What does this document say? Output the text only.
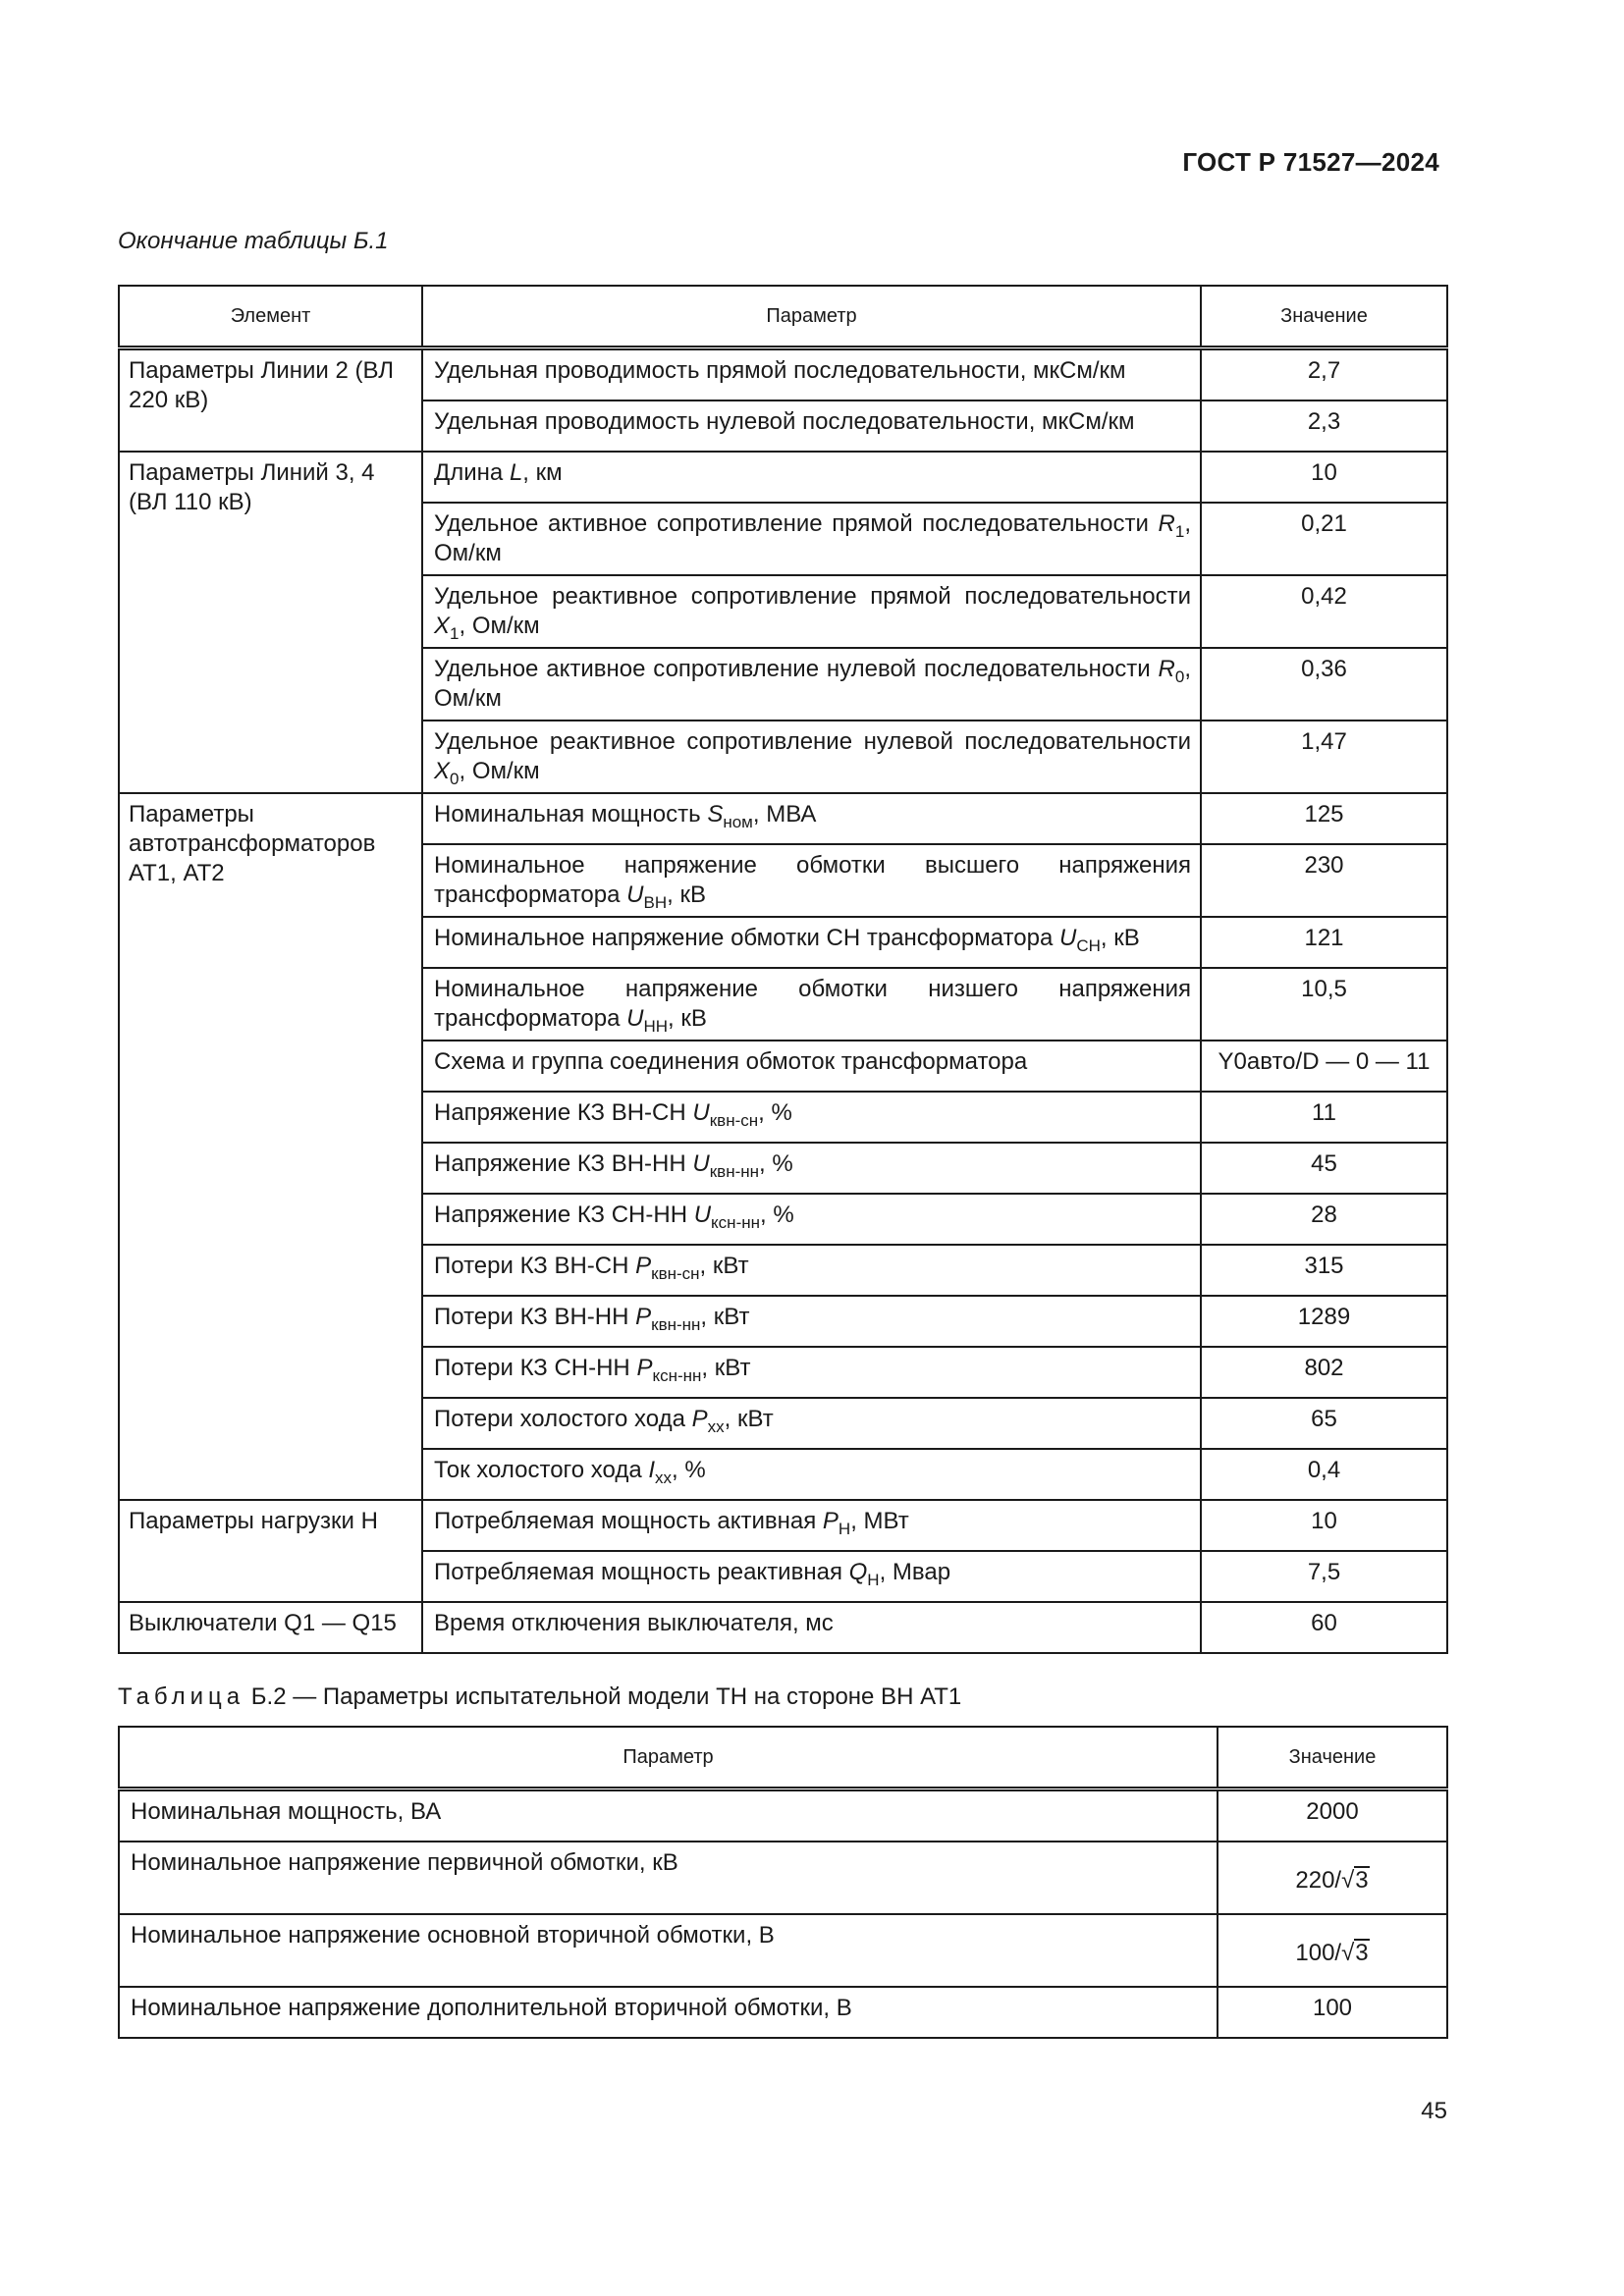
ГОСТ Р 71527—2024
Окончание таблицы Б.1
Элемент	Параметр	Значение
Параметры Линии 2 (ВЛ 220 кВ)	Удельная проводимость прямой последовательности, мкСм/км	2,7
	Удельная проводимость нулевой последовательности, мкСм/км	2,3
Параметры Линий 3, 4 (ВЛ 110 кВ)	Длина L, км	10
	Удельное активное сопротивление прямой последовательности $R_1$, Ом/км	0,21
	Удельное реактивное сопротивление прямой последовательности $X_1$, Ом/км	0,42
	Удельное активное сопротивление нулевой последовательности $R_0$, Ом/км	0,36
	Удельное реактивное сопротивление нулевой последовательности $X_0$, Ом/км	1,47
Параметры автотрансформаторов АТ1, АТ2	Номинальная мощность $S_{ном}$, МВА	125
	Номинальное напряжение обмотки высшего напряжения трансформатора $U_{ВН}$, кВ	230
	Номинальное напряжение обмотки СН трансформатора $U_{СН}$, кВ	121
	Номинальное напряжение обмотки низшего напряжения трансформатора $U_{НН}$, кВ	10,5
	Схема и группа соединения обмоток трансформатора	Y0авто/D — 0 — 11
	Напряжение КЗ ВН-СН $U_{квн-сн}$, %	11
	Напряжение КЗ ВН-НН $U_{квн-нн}$, %	45
	Напряжение КЗ СН-НН $U_{ксн-нн}$, %	28
	Потери КЗ ВН-СН $P_{квн-сн}$, кВт	315
	Потери КЗ ВН-НН $P_{квн-нн}$, кВт	1289
	Потери КЗ СН-НН $P_{ксн-нн}$, кВт	802
	Потери холостого хода $P_{хх}$, кВт	65
	Ток холостого хода $I_{хх}$, %	0,4
Параметры нагрузки Н	Потребляемая мощность активная $P_Н$, МВт	10
	Потребляемая мощность реактивная $Q_Н$, Мвар	7,5
Выключатели Q1 — Q15	Время отключения выключателя, мс	60
Таблица Б.2 — Параметры испытательной модели ТН на стороне ВН АТ1
Параметр	Значение
Номинальная мощность, ВА	2000
Номинальное напряжение первичной обмотки, кВ	220/√3
Номинальное напряжение основной вторичной обмотки, В	100/√3
Номинальное напряжение дополнительной вторичной обмотки, В	100
45
